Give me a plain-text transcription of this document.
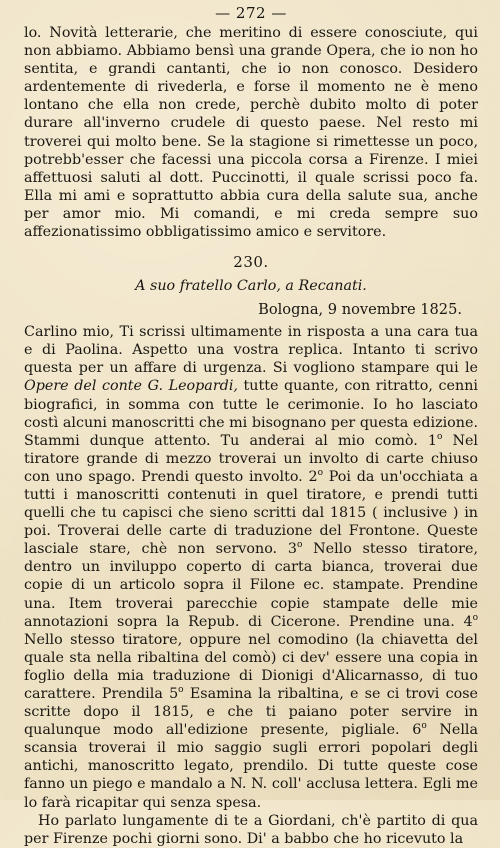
— 272 —

lo. Novità letterarie, che meritino di essere conosciute, qui non abbiamo. Abbiamo bensì una grande Opera, che io non ho sentita, e grandi cantanti, che io non conosco. Desidero ardentemente di rivederla, e forse il momento ne è meno lontano che ella non crede, perchè dubito molto di poter durare all'inverno crudele di questo paese. Nel resto mi troverei qui molto bene. Se la stagione si rimettesse un poco, potrebb'esser che facessi una piccola corsa a Firenze. I miei affettuosi saluti al dott. Puccinotti, il quale scrissi poco fa. Ella mi ami e soprattutto abbia cura della salute sua, anche per amor mio. Mi comandi, e mi creda sempre suo affezionatissimo obbligatissimo amico e servitore.

230.
A suo fratello Carlo, a Recanati.
Bologna, 9 novembre 1825.

Carlino mio, Ti scrissi ultimamente in risposta a una cara tua e di Paolina. Aspetto una vostra replica. Intanto ti scrivo questa per un affare di urgenza. Si vogliono stampare qui le Opere del conte G. Leopardi, tutte quante, con ritratto, cenni biografici, in somma con tutte le cerimonie. Io ho lasciato costì alcuni manoscritti che mi bisognano per questa edizione. Stammi dunque attento. Tu anderai al mio comò. 1$^o$ Nel tiratore grande di mezzo troverai un involto di carte chiuso con uno spago. Prendi questo involto. 2$^o$ Poi da un'occhiata a tutti i manoscritti contenuti in quel tiratore, e prendi tutti quelli che tu capisci che sieno scritti dal 1815 ( inclusive ) in poi. Troverai delle carte di traduzione del Frontone. Queste lasciale stare, chè non servono. 3$^o$ Nello stesso tiratore, dentro un inviluppo coperto di carta bianca, troverai due copie di un articolo sopra il Filone ec. stampate. Prendine una. Item troverai parecchie copie stampate delle mie annotazioni sopra la Repub. di Cicerone. Prendine una. 4$^o$ Nello stesso tiratore, oppure nel comodino (la chiavetta del quale sta nella ribaltina del comò) ci dev' essere una copia in foglio della mia traduzione di Dionigi d'Alicarnasso, di tuo carattere. Prendila 5$^o$ Esamina la ribaltina, e se ci trovi cose scritte dopo il 1815, e che ti paiano poter servire in qualunque modo all'edizione presente, pigliale. 6$^o$ Nella scansia troverai il mio saggio sugli errori popolari degli antichi, manoscritto legato, prendilo. Di tutte queste cose fanno un piego e mandalo a N. N. coll' acclusa lettera. Egli me lo farà ricapitar qui senza spesa.

Ho parlato lungamente di te a Giordani, ch'è partito di qua per Firenze pochi giorni sono. Di' a babbo che ho ricevuto la
